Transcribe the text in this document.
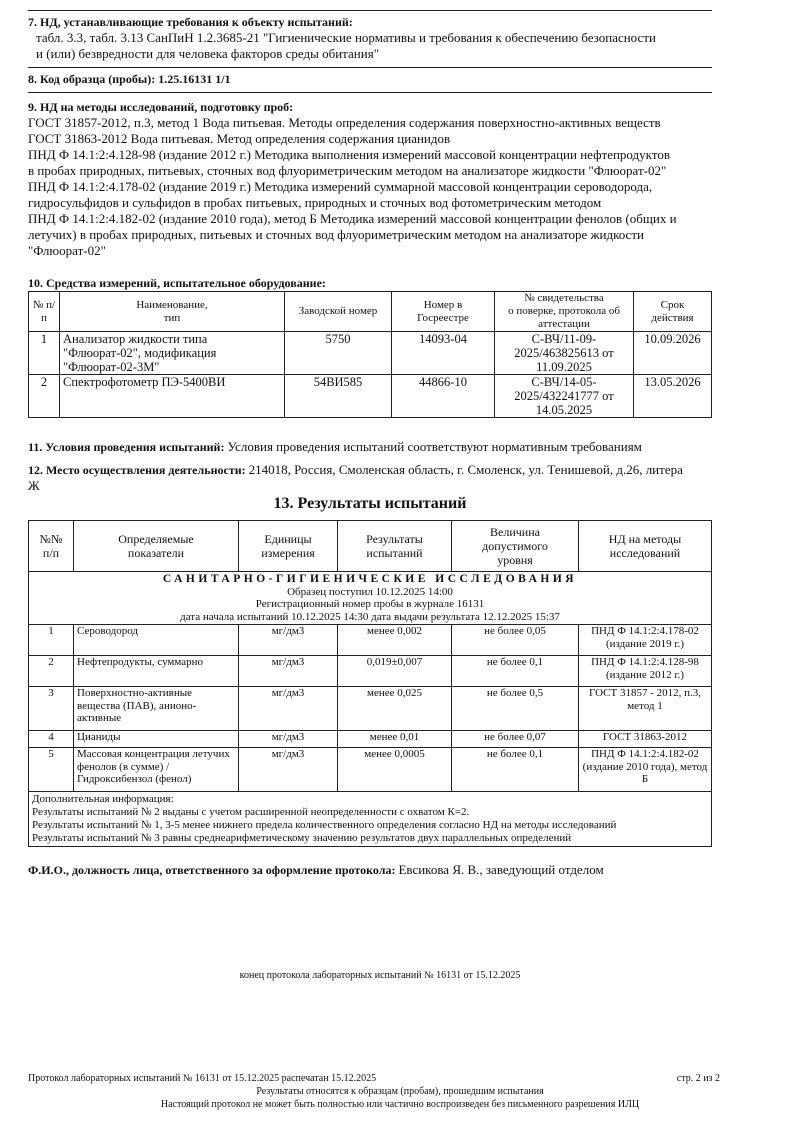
7. НД, устанавливающие требования к объекту испытаний:
табл. 3.3, табл. 3.13 СанПиН 1.2.3685-21 "Гигиенические нормативы и требования к обеспечению безопасности
и (или) безвредности для человека факторов среды обитания"
8. Код образца (пробы): 1.25.16131 1/1
9. НД на методы исследований, подготовку проб:
ГОСТ 31857-2012, п.3, метод 1 Вода питьевая. Методы определения содержания поверхностно-активных веществ
ГОСТ 31863-2012 Вода питьевая. Метод определения содержания цианидов
ПНД Ф 14.1:2:4.128-98 (издание 2012 г.) Методика выполнения измерений массовой концентрации нефтепродуктов
в пробах природных, питьевых, сточных вод флуориметрическим методом на анализаторе жидкости "Флюорат-02"
ПНД Ф 14.1:2:4.178-02 (издание 2019 г.) Методика измерений суммарной массовой концентрации сероводорода,
гидросульфидов и сульфидов в пробах питьевых, природных и сточных вод фотометрическим методом
ПНД Ф 14.1:2:4.182-02 (издание 2010 года), метод Б Методика измерений массовой концентрации фенолов (общих и
летучих) в пробах природных, питьевых и сточных вод флуориметрическим методом на анализаторе жидкости
"Флюорат-02"
10. Средства измерений, испытательное оборудование:
№ п/п	Наименование,
тип	Заводской номер	Номер в
Госреестре	№ свидетельства
о поверке, протокола об
аттестации	Срок
действия
1	Анализатор жидкости типа "Флюорат-02", модификация "Флюорат-02-3М"	5750	14093-04	С-ВЧ/11-09-2025/463825613 от 11.09.2025	10.09.2026
2	Спектрофотометр ПЭ-5400ВИ	54ВИ585	44866-10	С-ВЧ/14-05-2025/432241777 от 14.05.2025	13.05.2026
11. Условия проведения испытаний: Условия проведения испытаний соответствуют нормативным требованиям
12. Место осуществления деятельности: 214018, Россия, Смоленская область, г. Смоленск, ул. Тенишевой, д.26, литера
Ж
13. Результаты испытаний
№№
п/п	Определяемые
показатели	Единицы
измерения	Результаты
испытаний	Величина
допустимого
уровня	НД на методы
исследований

САНИТАРНО-ГИГИЕНИЧЕСКИЕ ИССЛЕДОВАНИЯ
Образец поступил 10.12.2025 14:00
Регистрационный номер пробы в журнале 16131
дата начала испытаний 10.12.2025 14:30 дата выдачи результата 12.12.2025 15:37					

1	Сероводород	мг/дм3	менее 0,002	не более 0,05	ПНД Ф 14.1:2:4.178-02 (издание 2019 г.)
2	Нефтепродукты, суммарно	мг/дм3	0,019±0,007	не более 0,1	ПНД Ф 14.1:2:4.128-98 (издание 2012 г.)
3	Поверхностно-активные вещества (ПАВ), анионо-активные	мг/дм3	менее 0,025	не более 0,5	ГОСТ 31857 - 2012, п.3, метод 1
4	Цианиды	мг/дм3	менее 0,01	не более 0,07	ГОСТ 31863-2012
5	Массовая концентрация летучих фенолов (в сумме) / Гидроксибензол (фенол)	мг/дм3	менее 0,0005	не более 0,1	ПНД Ф 14.1:2:4.182-02 (издание 2010 года), метод Б

Дополнительная информация:
Результаты испытаний № 2 выданы с учетом расширенной неопределенности с охватом К=2.
Результаты испытаний № 1, 3-5 менее нижнего предела количественного определения согласно НД на методы исследований
Результаты испытаний № 3 равны среднеарифметическому значению результатов двух параллельных определений					
Ф.И.О., должность лица, ответственного за оформление протокола: Евсикова Я. В., заведующий отделом
конец протокола лабораторных испытаний № 16131 от 15.12.2025
Протокол лабораторных испытаний № 16131 от 15.12.2025 распечатан 15.12.2025	стр. 2 из 2
Результаты относятся к образцам (пробам), прошедшим испытания
Настоящий протокол не может быть полностью или частично воспроизведен без письменного разрешения ИЛЦ
